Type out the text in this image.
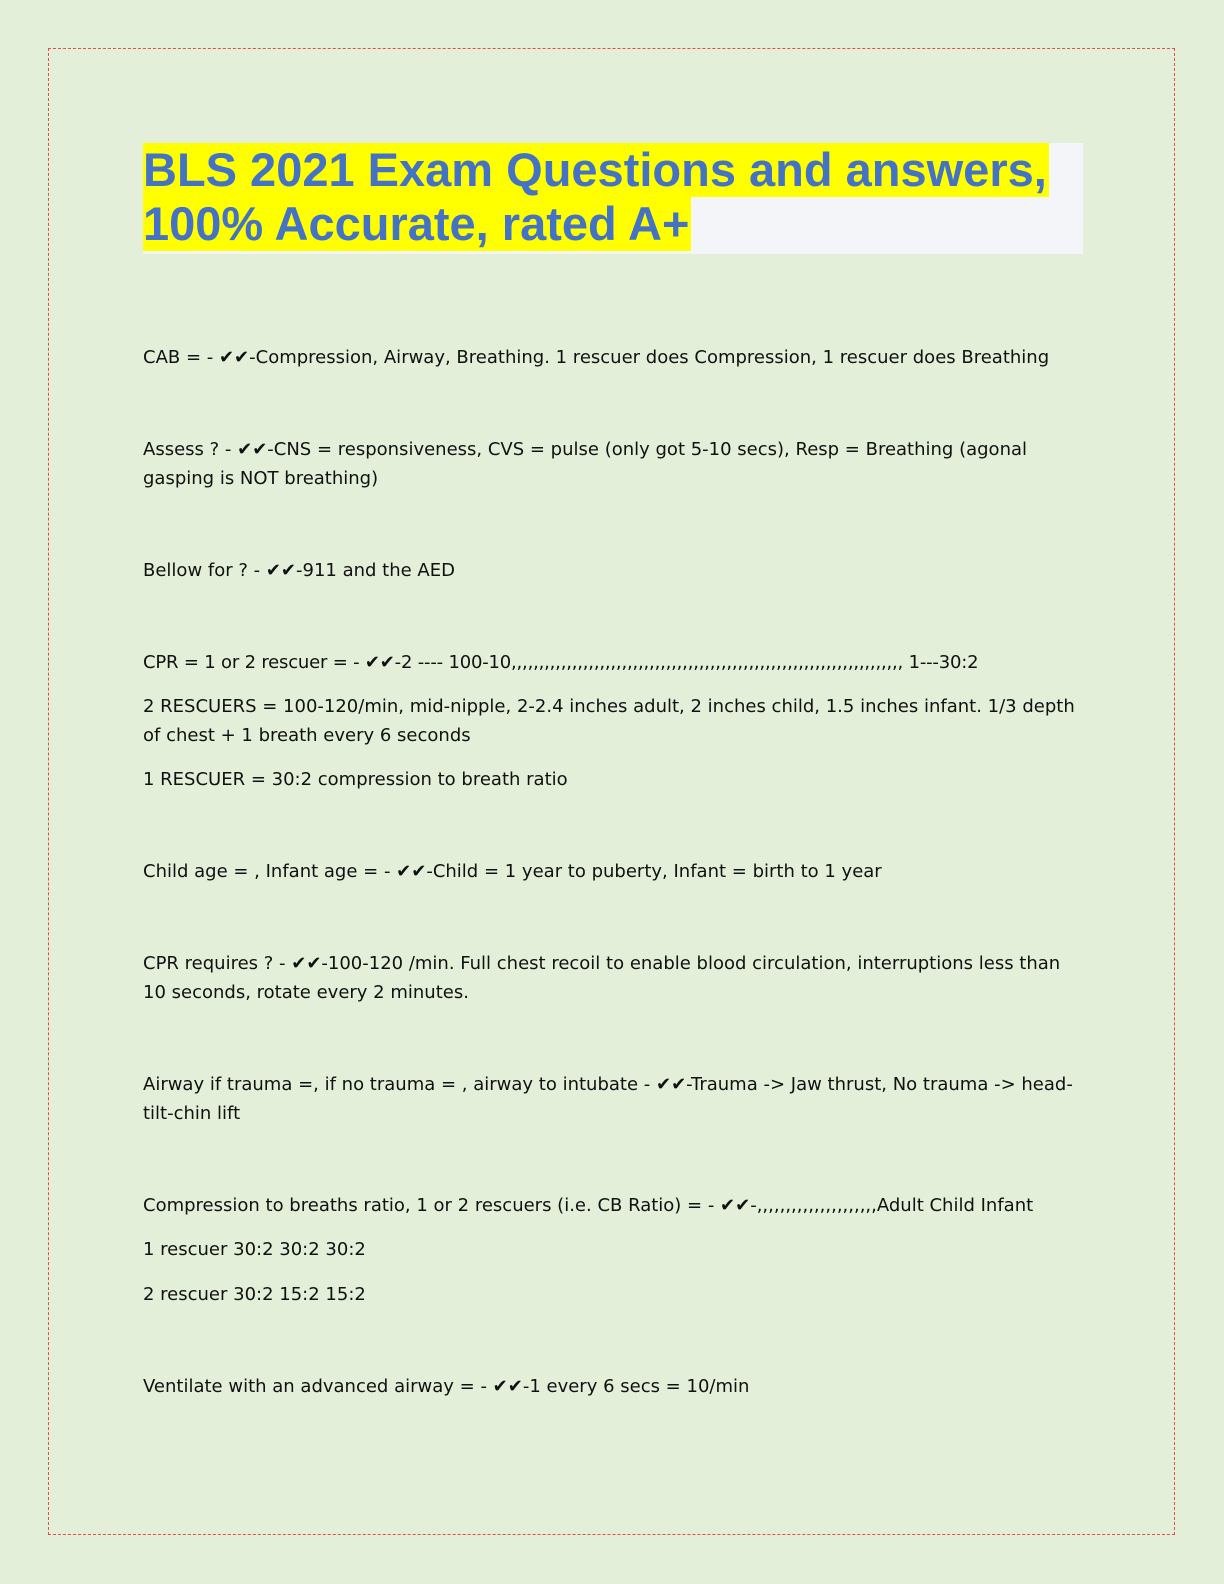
BLS 2021 Exam Questions and answers,
100% Accurate, rated A+
CAB = - ✔✔-Compression, Airway, Breathing. 1 rescuer does Compression, 1 rescuer does Breathing
Assess ? - ✔✔-CNS = responsiveness, CVS = pulse (only got 5-10 secs), Resp = Breathing (agonal gasping is NOT breathing)
Bellow for ? - ✔✔-911 and the AED
CPR = 1 or 2 rescuer = - ✔✔-2 ---- 100-10,,,,,,,,,,,,,,,,,,,,,,,,,,,,,,,,,,,,,,,,,,,,,,,,,,,,,,,,,,,,,,,,,,,,,,, 1---30:2
2 RESCUERS = 100-120/min, mid-nipple, 2-2.4 inches adult, 2 inches child, 1.5 inches infant. 1/3 depth of chest + 1 breath every 6 seconds
1 RESCUER = 30:2 compression to breath ratio
Child age = , Infant age = - ✔✔-Child = 1 year to puberty, Infant = birth to 1 year
CPR requires ? - ✔✔-100-120 /min. Full chest recoil to enable blood circulation, interruptions less than 10 seconds, rotate every 2 minutes.
Airway if trauma =, if no trauma = , airway to intubate - ✔✔-Trauma -> Jaw thrust, No trauma -> head-tilt-chin lift
Compression to breaths ratio, 1 or 2 rescuers (i.e. CB Ratio) = - ✔✔-,,,,,,,,,,,,,,,,,,,,,Adult Child Infant
1 rescuer 30:2 30:2 30:2
2 rescuer 30:2 15:2 15:2
Ventilate with an advanced airway = - ✔✔-1 every 6 secs = 10/min
